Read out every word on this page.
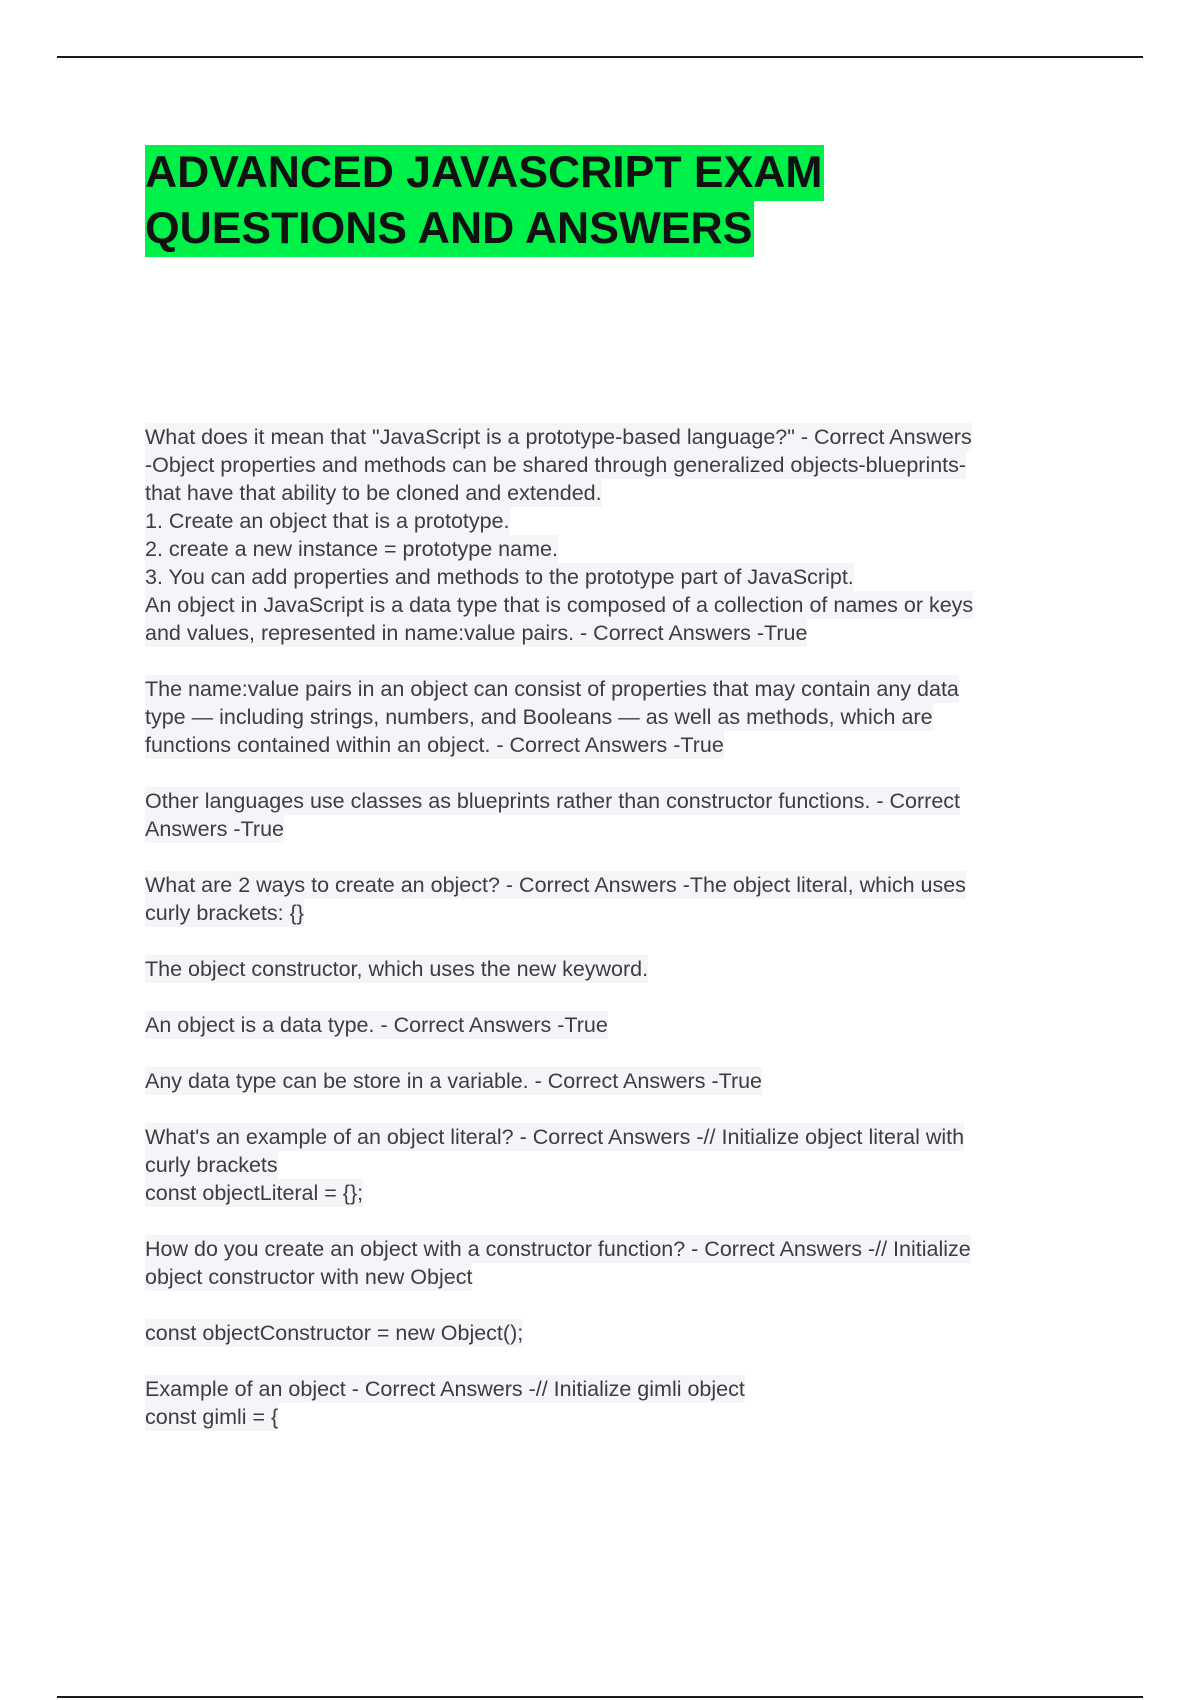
ADVANCED JAVASCRIPT EXAM
QUESTIONS AND ANSWERS
What does it mean that "JavaScript is a prototype-based language?" - Correct Answers
-Object properties and methods can be shared through generalized objects-blueprints-
that have that ability to be cloned and extended.
1. Create an object that is a prototype.
2. create a new instance = prototype name.
3. You can add properties and methods to the prototype part of JavaScript.
An object in JavaScript is a data type that is composed of a collection of names or keys
and values, represented in name:value pairs. - Correct Answers -True
The name:value pairs in an object can consist of properties that may contain any data
type — including strings, numbers, and Booleans — as well as methods, which are
functions contained within an object. - Correct Answers -True
Other languages use classes as blueprints rather than constructor functions. - Correct
Answers -True
What are 2 ways to create an object? - Correct Answers -The object literal, which uses
curly brackets: {}
The object constructor, which uses the new keyword.
An object is a data type. - Correct Answers -True
Any data type can be store in a variable. - Correct Answers -True
What's an example of an object literal? - Correct Answers -// Initialize object literal with
curly brackets
const objectLiteral = {};
How do you create an object with a constructor function? - Correct Answers -// Initialize
object constructor with new Object
const objectConstructor = new Object();
Example of an object - Correct Answers -// Initialize gimli object
const gimli = {
